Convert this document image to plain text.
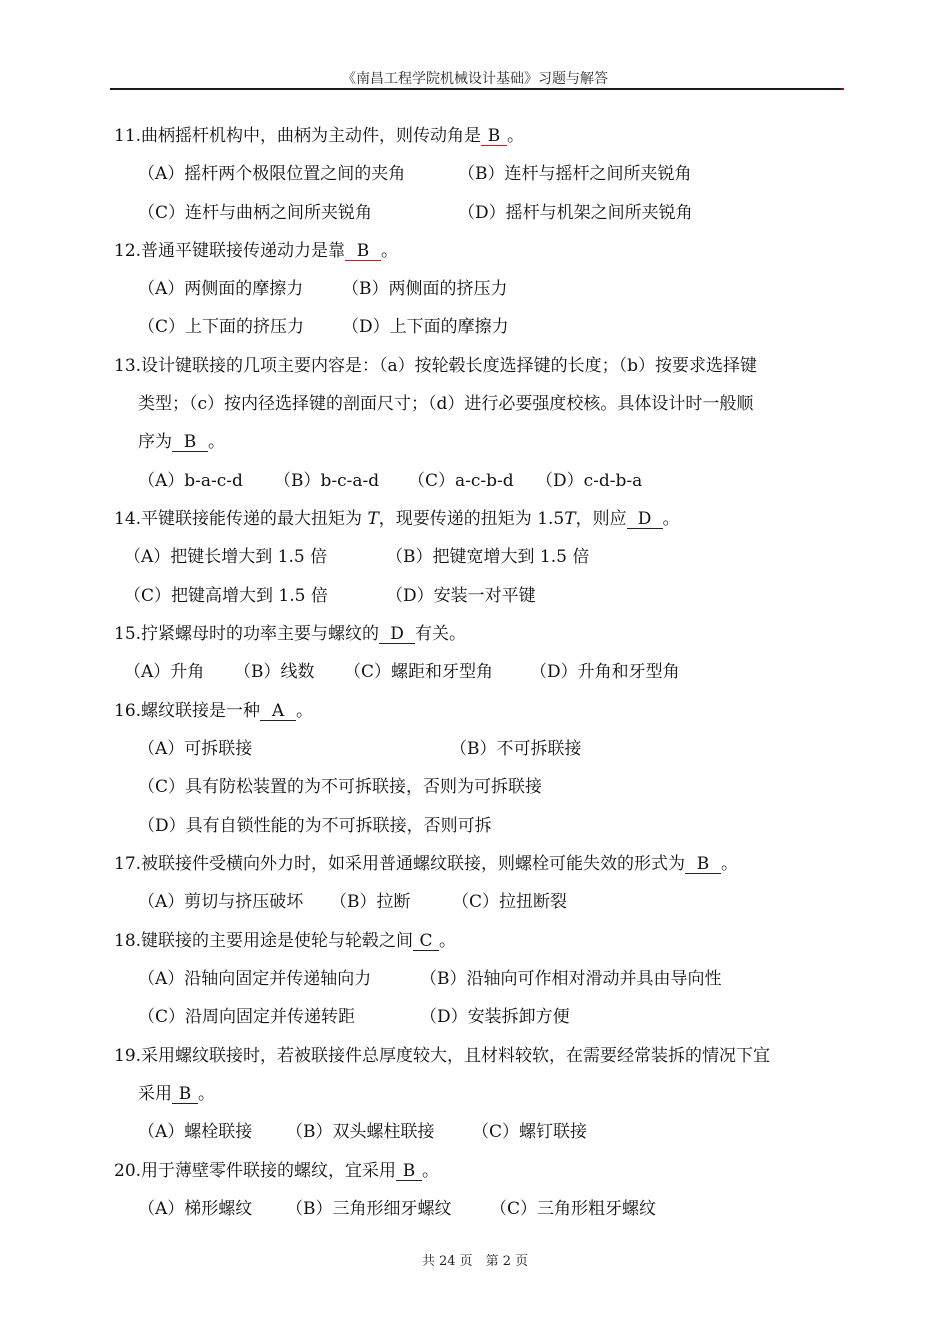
《南昌工程学院机械设计基础》习题与解答
11.曲柄摇杆机构中，曲柄为主动件，则传动角是 B 。
（A）摇杆两个极限位置之间的夹角	（B）连杆与摇杆之间所夹锐角
（C）连杆与曲柄之间所夹锐角	（D）摇杆与机架之间所夹锐角
12.普通平键联接传递动力是靠 B 。
（A）两侧面的摩擦力 （B）两侧面的挤压力
（C）上下面的挤压力 （D）上下面的摩擦力
13.设计键联接的几项主要内容是：（a）按轮毂长度选择键的长度；（b）按要求选择键
类型；（c）按内径选择键的剖面尺寸；（d）进行必要强度校核。具体设计时一般顺
序为 B 。
（A）b-a-c-d （B）b-c-a-d （C）a-c-b-d （D）c-d-b-a
14.平键联接能传递的最大扭矩为 T，现要传递的扭矩为 1.5T，则应 D 。
（A）把键长增大到 1.5 倍	（B）把键宽增大到 1.5 倍
（C）把键高增大到 1.5 倍	（D）安装一对平键
15.拧紧螺母时的功率主要与螺纹的 D 有关。
（A）升角 （B）线数 （C）螺距和牙型角 （D）升角和牙型角
16.螺纹联接是一种 A 。
（A）可拆联接	（B）不可拆联接
（C）具有防松装置的为不可拆联接，否则为可拆联接
（D）具有自锁性能的为不可拆联接，否则可拆
17.被联接件受横向外力时，如采用普通螺纹联接，则螺栓可能失效的形式为 B 。
（A）剪切与挤压破坏 （B）拉断 （C）拉扭断裂
18.键联接的主要用途是使轮与轮毂之间 C 。
（A）沿轴向固定并传递轴向力	（B）沿轴向可作相对滑动并具由导向性
（C）沿周向固定并传递转距	（D）安装拆卸方便
19.采用螺纹联接时，若被联接件总厚度较大，且材料较软，在需要经常装拆的情况下宜
采用 B 。
（A）螺栓联接 （B）双头螺柱联接 （C）螺钉联接
20.用于薄壁零件联接的螺纹，宜采用 B 。
（A）梯形螺纹 （B）三角形细牙螺纹 （C）三角形粗牙螺纹
共 24 页　第 2 页
